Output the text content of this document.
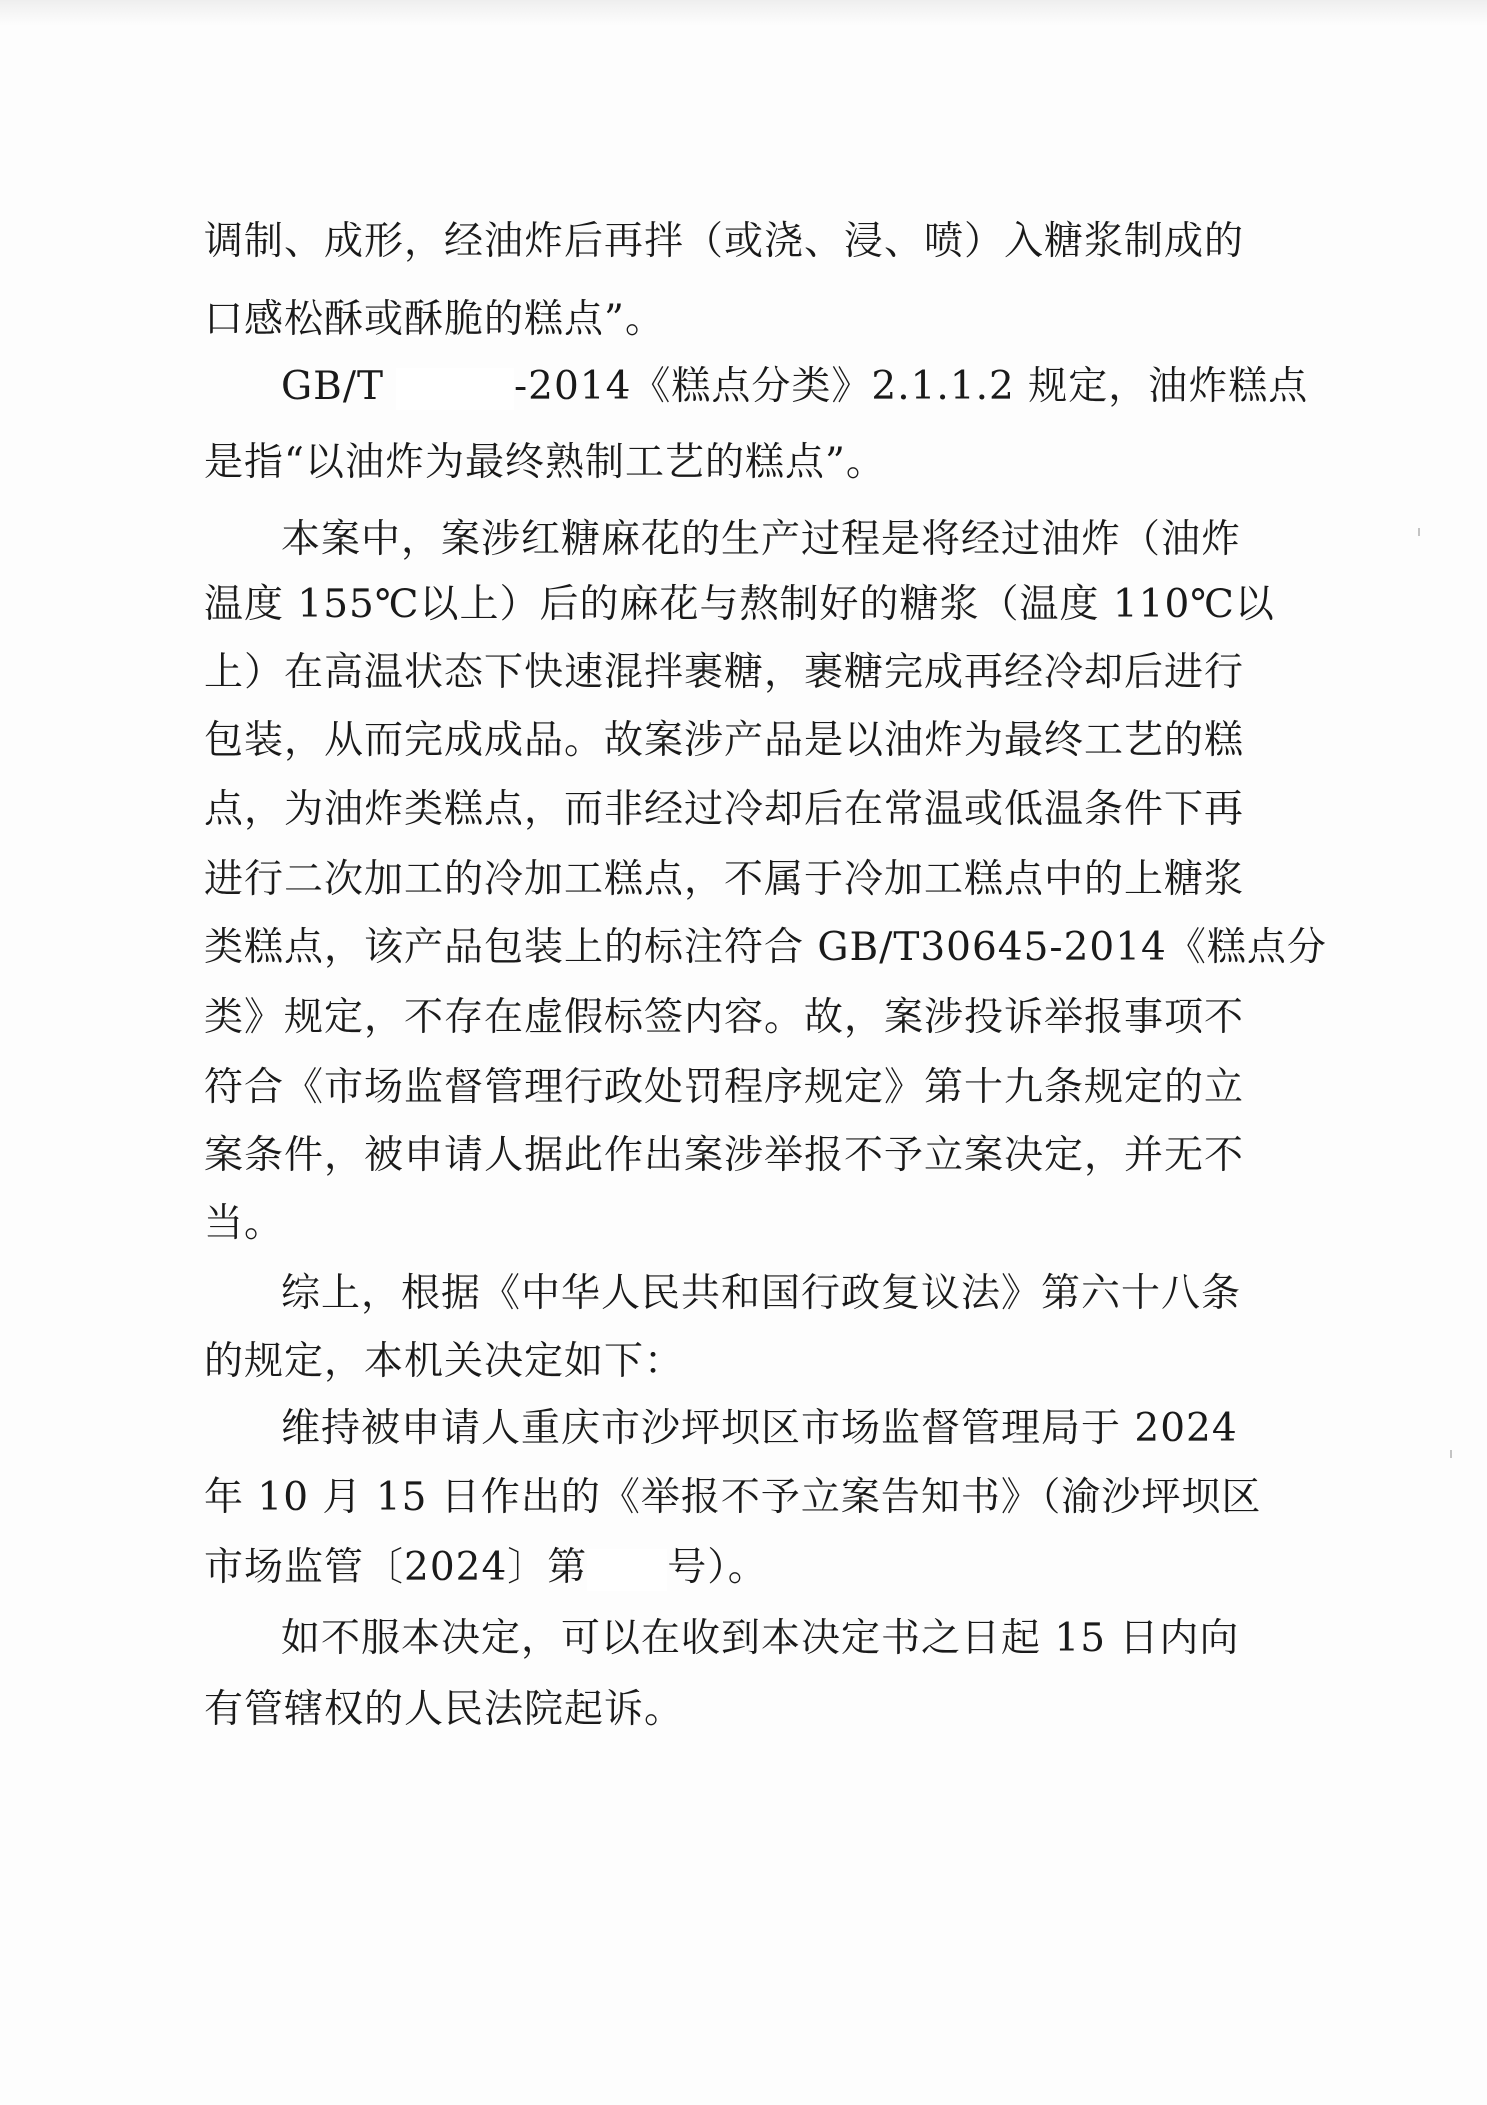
调制、成形，经油炸后再拌（或浇、浸、喷）入糖浆制成的
口感松酥或酥脆的糕点”。
GB/T	-2014《糕点分类》2.1.1.2 规定，油炸糕点
是指“以油炸为最终熟制工艺的糕点”。
本案中，案涉红糖麻花的生产过程是将经过油炸（油炸
温度 155℃以上）后的麻花与熬制好的糖浆（温度 110℃以
上）在高温状态下快速混拌裹糖，裹糖完成再经冷却后进行
包装，从而完成成品。故案涉产品是以油炸为最终工艺的糕
点，为油炸类糕点，而非经过冷却后在常温或低温条件下再
进行二次加工的冷加工糕点，不属于冷加工糕点中的上糖浆
类糕点，该产品包装上的标注符合 GB/T30645-2014《糕点分
类》规定，不存在虚假标签内容。故，案涉投诉举报事项不
符合《市场监督管理行政处罚程序规定》第十九条规定的立
案条件，被申请人据此作出案涉举报不予立案决定，并无不
当。
综上，根据《中华人民共和国行政复议法》第六十八条
的规定，本机关决定如下：
维持被申请人重庆市沙坪坝区市场监督管理局于 2024
年 10 月 15 日作出的《举报不予立案告知书》（渝沙坪坝区
市场监管〔2024〕第 号）。
如不服本决定，可以在收到本决定书之日起 15 日内向
有管辖权的人民法院起诉。
